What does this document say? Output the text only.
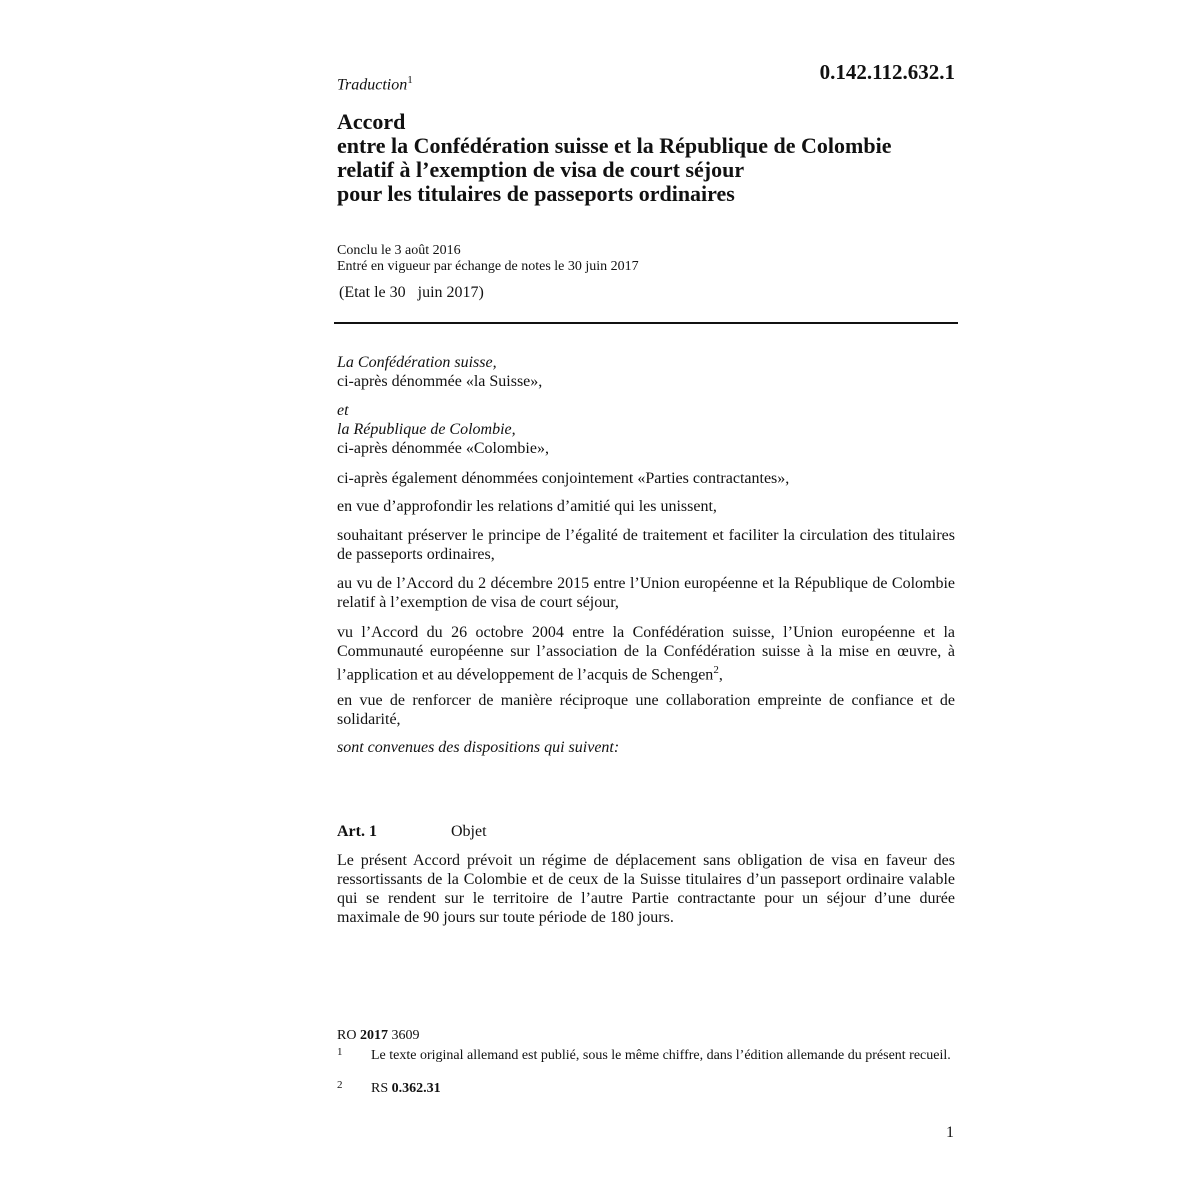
0.142.112.632.1
Traduction$^1$
Accord
entre la Confédération suisse et la République de Colombie
relatif à l’exemption de visa de court séjour
pour les titulaires de passeports ordinaires
Conclu le 3 août 2016
Entré en vigueur par échange de notes le 30 juin 2017
(Etat le 30   juin 2017)
La Confédération suisse,
ci-après dénommée «la Suisse»,
et
la République de Colombie,
ci-après dénommée «Colombie»,
ci-après également dénommées conjointement «Parties contractantes»,
en vue d’approfondir les relations d’amitié qui les unissent,
souhaitant préserver le principe de l’égalité de traitement et faciliter la circulation des titulaires de passeports ordinaires,
au vu de l’Accord du 2 décembre 2015 entre l’Union européenne et la République de Colombie relatif à l’exemption de visa de court séjour,
vu l’Accord du 26 octobre 2004 entre la Confédération suisse, l’Union européenne et la Communauté européenne sur l’association de la Confédération suisse à la mise en œuvre, à l’application et au développement de l’acquis de Schengen$^2$,
en vue de renforcer de manière réciproque une collaboration empreinte de confiance et de solidarité,
sont convenues des dispositions qui suivent:
Art. 1	Objet
Le présent Accord prévoit un régime de déplacement sans obligation de visa en faveur des ressortissants de la Colombie et de ceux de la Suisse titulaires d’un passeport ordinaire valable qui se rendent sur le territoire de l’autre Partie contractante pour un séjour d’une durée maximale de 90 jours sur toute période de 180 jours.
RO 2017 3609
1 Le texte original allemand est publié, sous le même chiffre, dans l’édition allemande du présent recueil.
2 RS 0.362.31
1
